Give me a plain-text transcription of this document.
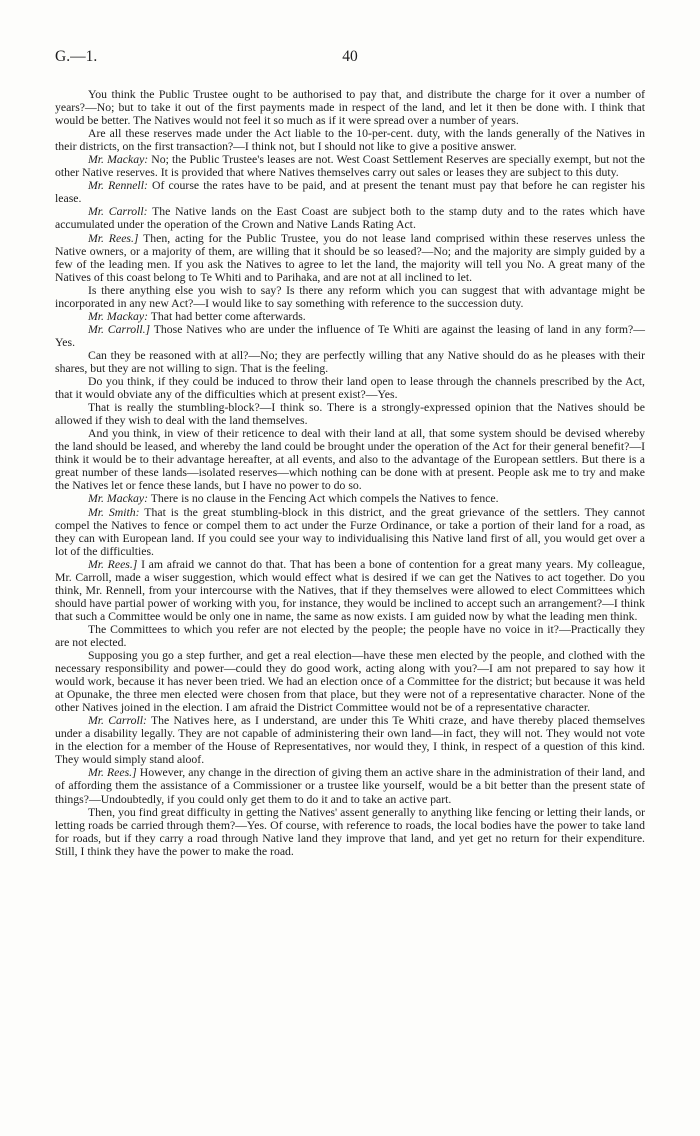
G.—1.	40

You think the Public Trustee ought to be authorised to pay that, and distribute the charge for it over a number of years?—No; but to take it out of the first payments made in respect of the land, and let it then be done with. I think that would be better. The Natives would not feel it so much as if it were spread over a number of years.

Are all these reserves made under the Act liable to the 10-per-cent. duty, with the lands generally of the Natives in their districts, on the first transaction?—I think not, but I should not like to give a positive answer.

Mr. Mackay: No; the Public Trustee's leases are not. West Coast Settlement Reserves are specially exempt, but not the other Native reserves. It is provided that where Natives themselves carry out sales or leases they are subject to this duty.

Mr. Rennell: Of course the rates have to be paid, and at present the tenant must pay that before he can register his lease.

Mr. Carroll: The Native lands on the East Coast are subject both to the stamp duty and to the rates which have accumulated under the operation of the Crown and Native Lands Rating Act.

Mr. Rees.] Then, acting for the Public Trustee, you do not lease land comprised within these reserves unless the Native owners, or a majority of them, are willing that it should be so leased?—No; and the majority are simply guided by a few of the leading men. If you ask the Natives to agree to let the land, the majority will tell you No. A great many of the Natives of this coast belong to Te Whiti and to Parihaka, and are not at all inclined to let.

Is there anything else you wish to say? Is there any reform which you can suggest that with advantage might be incorporated in any new Act?—I would like to say something with reference to the succession duty.

Mr. Mackay: That had better come afterwards.

Mr. Carroll.] Those Natives who are under the influence of Te Whiti are against the leasing of land in any form?—Yes.

Can they be reasoned with at all?—No; they are perfectly willing that any Native should do as he pleases with their shares, but they are not willing to sign. That is the feeling.

Do you think, if they could be induced to throw their land open to lease through the channels prescribed by the Act, that it would obviate any of the difficulties which at present exist?—Yes.

That is really the stumbling-block?—I think so. There is a strongly-expressed opinion that the Natives should be allowed if they wish to deal with the land themselves.

And you think, in view of their reticence to deal with their land at all, that some system should be devised whereby the land should be leased, and whereby the land could be brought under the operation of the Act for their general benefit?—I think it would be to their advantage hereafter, at all events, and also to the advantage of the European settlers. But there is a great number of these lands—isolated reserves—which nothing can be done with at present. People ask me to try and make the Natives let or fence these lands, but I have no power to do so.

Mr. Mackay: There is no clause in the Fencing Act which compels the Natives to fence.

Mr. Smith: That is the great stumbling-block in this district, and the great grievance of the settlers. They cannot compel the Natives to fence or compel them to act under the Furze Ordinance, or take a portion of their land for a road, as they can with European land. If you could see your way to individualising this Native land first of all, you would get over a lot of the difficulties.

Mr. Rees.] I am afraid we cannot do that. That has been a bone of contention for a great many years. My colleague, Mr. Carroll, made a wiser suggestion, which would effect what is desired if we can get the Natives to act together. Do you think, Mr. Rennell, from your intercourse with the Natives, that if they themselves were allowed to elect Committees which should have partial power of working with you, for instance, they would be inclined to accept such an arrangement?—I think that such a Committee would be only one in name, the same as now exists. I am guided now by what the leading men think.

The Committees to which you refer are not elected by the people; the people have no voice in it?—Practically they are not elected.

Supposing you go a step further, and get a real election—have these men elected by the people, and clothed with the necessary responsibility and power—could they do good work, acting along with you?—I am not prepared to say how it would work, because it has never been tried. We had an election once of a Committee for the district; but because it was held at Opunake, the three men elected were chosen from that place, but they were not of a representative character. None of the other Natives joined in the election. I am afraid the District Committee would not be of a representative character.

Mr. Carroll: The Natives here, as I understand, are under this Te Whiti craze, and have thereby placed themselves under a disability legally. They are not capable of administering their own land—in fact, they will not. They would not vote in the election for a member of the House of Representatives, nor would they, I think, in respect of a question of this kind. They would simply stand aloof.

Mr. Rees.] However, any change in the direction of giving them an active share in the administration of their land, and of affording them the assistance of a Commissioner or a trustee like yourself, would be a bit better than the present state of things?—Undoubtedly, if you could only get them to do it and to take an active part.

Then, you find great difficulty in getting the Natives' assent generally to anything like fencing or letting their lands, or letting roads be carried through them?—Yes. Of course, with reference to roads, the local bodies have the power to take land for roads, but if they carry a road through Native land they improve that land, and yet get no return for their expenditure. Still, I think they have the power to make the road.
